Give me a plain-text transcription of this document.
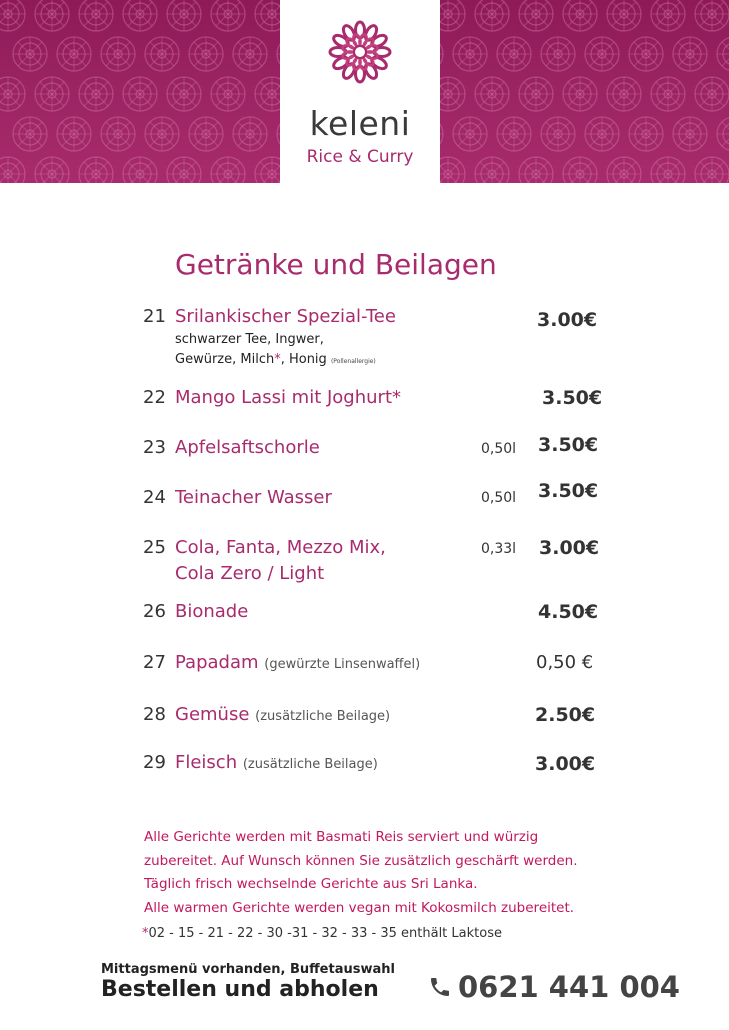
keleni
Rice & Curry
Getränke und Beilagen
21 Srilankischer Spezial-Tee
schwarzer Tee, Ingwer,
Gewürze, Milch*, Honig (Pollenallergie)
3.00€
22 Mango Lassi mit Joghurt*	3.50€
23 Apfelsaftschorle	0,50l 3.50€
24 Teinacher Wasser	0,50l 3.50€
25 Cola, Fanta, Mezzo Mix,
Cola Zero / Light
0,33l 3.00€
26 Bionade	4.50€
27 Papadam (gewürzte Linsenwaffel)	0,50 €
28 Gemüse (zusätzliche Beilage)	2.50€
29 Fleisch (zusätzliche Beilage)	3.00€
Alle Gerichte werden mit Basmati Reis serviert und würzig
zubereitet. Auf Wunsch können Sie zusätzlich geschärft werden.
Täglich frisch wechselnde Gerichte aus Sri Lanka.
Alle warmen Gerichte werden vegan mit Kokosmilch zubereitet.
*02 - 15 - 21 - 22 - 30 -31 - 32 - 33 - 35 enthält Laktose
Mittagsmenü vorhanden, Buffetauswahl
Bestellen und abholen	0621 441 004
